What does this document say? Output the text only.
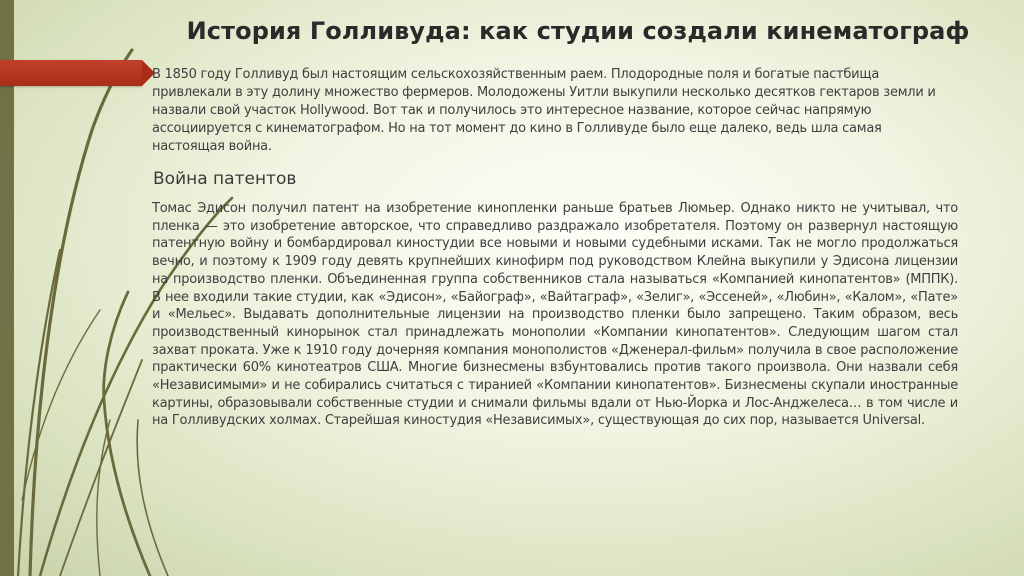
История Голливуда: как студии создали кинематограф
В 1850 году Голливуд был настоящим сельскохозяйственным раем. Плодородные поля и богатые пастбища привлекали в эту долину множество фермеров. Молодожены Уитли выкупили несколько десятков гектаров земли и назвали свой участок Hollywood. Вот так и получилось это интересное название, которое сейчас напрямую ассоциируется с кинематографом. Но на тот момент до кино в Голливуде было еще далеко, ведь шла самая настоящая война.
Война патентов
Томас Эдисон получил патент на изобретение кинопленки раньше братьев Люмьер. Однако никто не учитывал, что пленка — это изобретение авторское, что справедливо раздражало изобретателя. Поэтому он развернул настоящую патентную войну и бомбардировал киностудии все новыми и новыми судебными исками. Так не могло продолжаться вечно, и поэтому к 1909 году девять крупнейших кинофирм под руководством Клейна выкупили у Эдисона лицензии на производство пленки. Объединенная группа собственников стала называться «Компанией кинопатентов» (МППК). В нее входили такие студии, как «Эдисон», «Байограф», «Вайтаграф», «Зелиг», «Эссеней», «Любин», «Калом», «Пате» и «Мельес». Выдавать дополнительные лицензии на производство пленки было запрещено. Таким образом, весь производственный кинорынок стал принадлежать монополии «Компании кинопатентов». Следующим шагом стал захват проката. Уже к 1910 году дочерняя компания монополистов «Дженерал-фильм» получила в свое расположение практически 60% кинотеатров США. Многие бизнесмены взбунтовались против такого произвола. Они назвали себя «Независимыми» и не собирались считаться с тиранией «Компании кинопатентов». Бизнесмены скупали иностранные картины, образовывали собственные студии и снимали фильмы вдали от Нью-Йорка и Лос-Анджелеса… в том числе и на Голливудских холмах. Старейшая киностудия «Независимых», существующая до сих пор, называется Universal.
